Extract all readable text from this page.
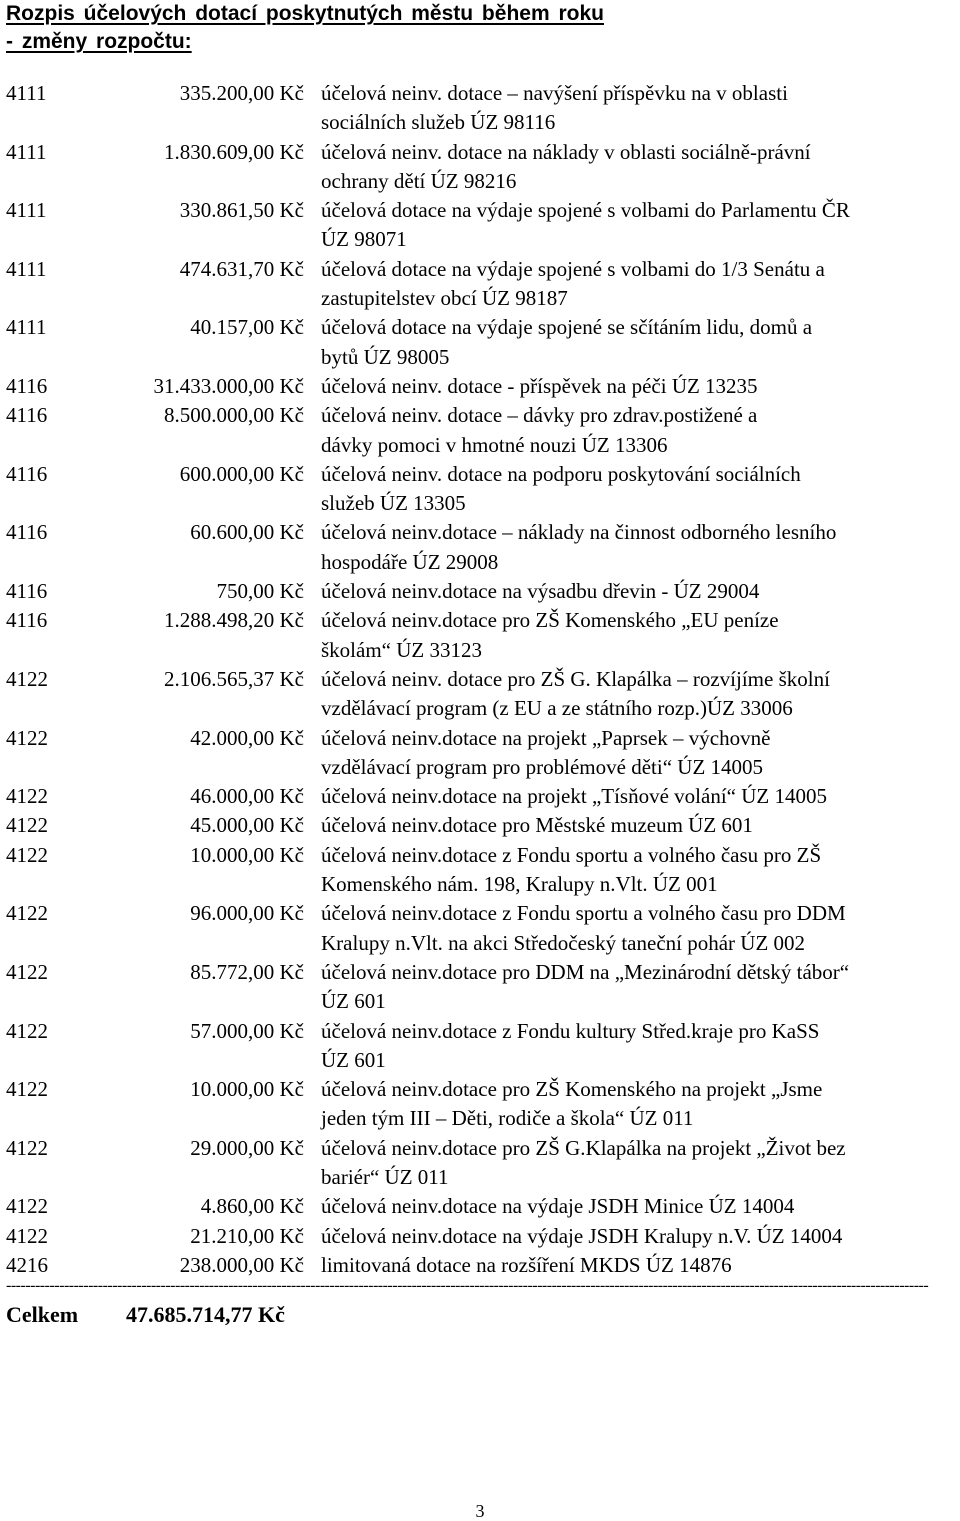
Rozpis účelových dotací poskytnutých městu během roku
- změny rozpočtu:
4111	335.200,00 Kč účelová neinv. dotace – navýšení příspěvku na v oblasti
sociálních služeb ÚZ 98116
4111	1.830.609,00 Kč účelová neinv. dotace na náklady v oblasti sociálně-právní
ochrany dětí ÚZ 98216
4111	330.861,50 Kč účelová dotace na výdaje spojené s volbami do Parlamentu ČR
ÚZ 98071
4111	474.631,70 Kč účelová dotace na výdaje spojené s volbami do 1/3 Senátu a
zastupitelstev obcí ÚZ 98187
4111	40.157,00 Kč účelová dotace na výdaje spojené se sčítáním lidu, domů a
bytů ÚZ 98005
4116	31.433.000,00 Kč účelová neinv. dotace - příspěvek na péči ÚZ 13235
4116	8.500.000,00 Kč účelová neinv. dotace – dávky pro zdrav.postižené a
dávky pomoci v hmotné nouzi ÚZ 13306
4116	600.000,00 Kč účelová neinv. dotace na podporu poskytování sociálních
služeb ÚZ 13305
4116	60.600,00 Kč účelová neinv.dotace – náklady na činnost odborného lesního
hospodáře ÚZ 29008
4116	750,00 Kč účelová neinv.dotace na výsadbu dřevin - ÚZ 29004
4116	1.288.498,20 Kč účelová neinv.dotace pro ZŠ Komenského „EU peníze
školám“ ÚZ 33123
4122	2.106.565,37 Kč účelová neinv. dotace pro ZŠ G. Klapálka – rozvíjíme školní
vzdělávací program (z EU a ze státního rozp.)ÚZ 33006
4122	42.000,00 Kč účelová neinv.dotace na projekt „Paprsek – výchovně
vzdělávací program pro problémové děti“ ÚZ 14005
4122	46.000,00 Kč účelová neinv.dotace na projekt „Tísňové volání“ ÚZ 14005
4122	45.000,00 Kč účelová neinv.dotace pro Městské muzeum ÚZ 601
4122	10.000,00 Kč účelová neinv.dotace z Fondu sportu a volného času pro ZŠ
Komenského nám. 198, Kralupy n.Vlt. ÚZ 001
4122	96.000,00 Kč účelová neinv.dotace z Fondu sportu a volného času pro DDM
Kralupy n.Vlt. na akci Středočeský taneční pohár ÚZ 002
4122	85.772,00 Kč účelová neinv.dotace pro DDM na „Mezinárodní dětský tábor“
ÚZ 601
4122	57.000,00 Kč účelová neinv.dotace z Fondu kultury Střed.kraje pro KaSS
ÚZ 601
4122	10.000,00 Kč účelová neinv.dotace pro ZŠ Komenského na projekt „Jsme
jeden tým III – Děti, rodiče a škola“ ÚZ 011
4122	29.000,00 Kč účelová neinv.dotace pro ZŠ G.Klapálka na projekt „Život bez
bariér“ ÚZ 011
4122	4.860,00 Kč účelová neinv.dotace na výdaje JSDH Minice ÚZ 14004
4122	21.210,00 Kč účelová neinv.dotace na výdaje JSDH Kralupy n.V. ÚZ 14004
4216	238.000,00 Kč limitovaná dotace na rozšíření MKDS ÚZ 14876
-----------------------------------------------------------------------------------------------------------------------------------------------------------------------------------------------
Celkem 47.685.714,77 Kč
3
